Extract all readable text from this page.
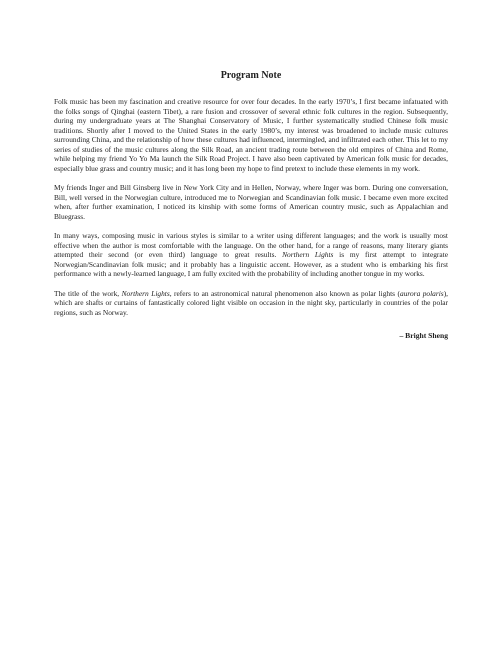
Program Note

Folk music has been my fascination and creative resource for over four decades. In the early 1970’s, I first became infatuated with the folks songs of Qinghai (eastern Tibet), a rare fusion and crossover of several ethnic folk cultures in the region. Subsequently, during my undergraduate years at The Shanghai Conservatory of Music, I further systematically studied Chinese folk music traditions. Shortly after I moved to the United States in the early 1980’s, my interest was broadened to include music cultures surrounding China, and the relationship of how these cultures had influenced, intermingled, and infiltrated each other. This let to my series of studies of the music cultures along the Silk Road, an ancient trading route between the old empires of China and Rome, while helping my friend Yo Yo Ma launch the Silk Road Project. I have also been captivated by American folk music for decades, especially blue grass and country music; and it has long been my hope to find pretext to include these elements in my work.

My friends Inger and Bill Ginsberg live in New York City and in Hellen, Norway, where Inger was born. During one conversation, Bill, well versed in the Norwegian culture, introduced me to Norwegian and Scandinavian folk music. I became even more excited when, after further examination, I noticed its kinship with some forms of American country music, such as Appalachian and Bluegrass.

In many ways, composing music in various styles is similar to a writer using different languages; and the work is usually most effective when the author is most comfortable with the language. On the other hand, for a range of reasons, many literary giants attempted their second (or even third) language to great results. Northern Lights is my first attempt to integrate Norwegian/Scandinavian folk music; and it probably has a linguistic accent. However, as a student who is embarking his first performance with a newly-learned language, I am fully excited with the probability of including another tongue in my works.

The title of the work, Northern Lights, refers to an astronomical natural phenomenon also known as polar lights (aurora polaris), which are shafts or curtains of fantastically colored light visible on occasion in the night sky, particularly in countries of the polar regions, such as Norway.

– Bright Sheng
